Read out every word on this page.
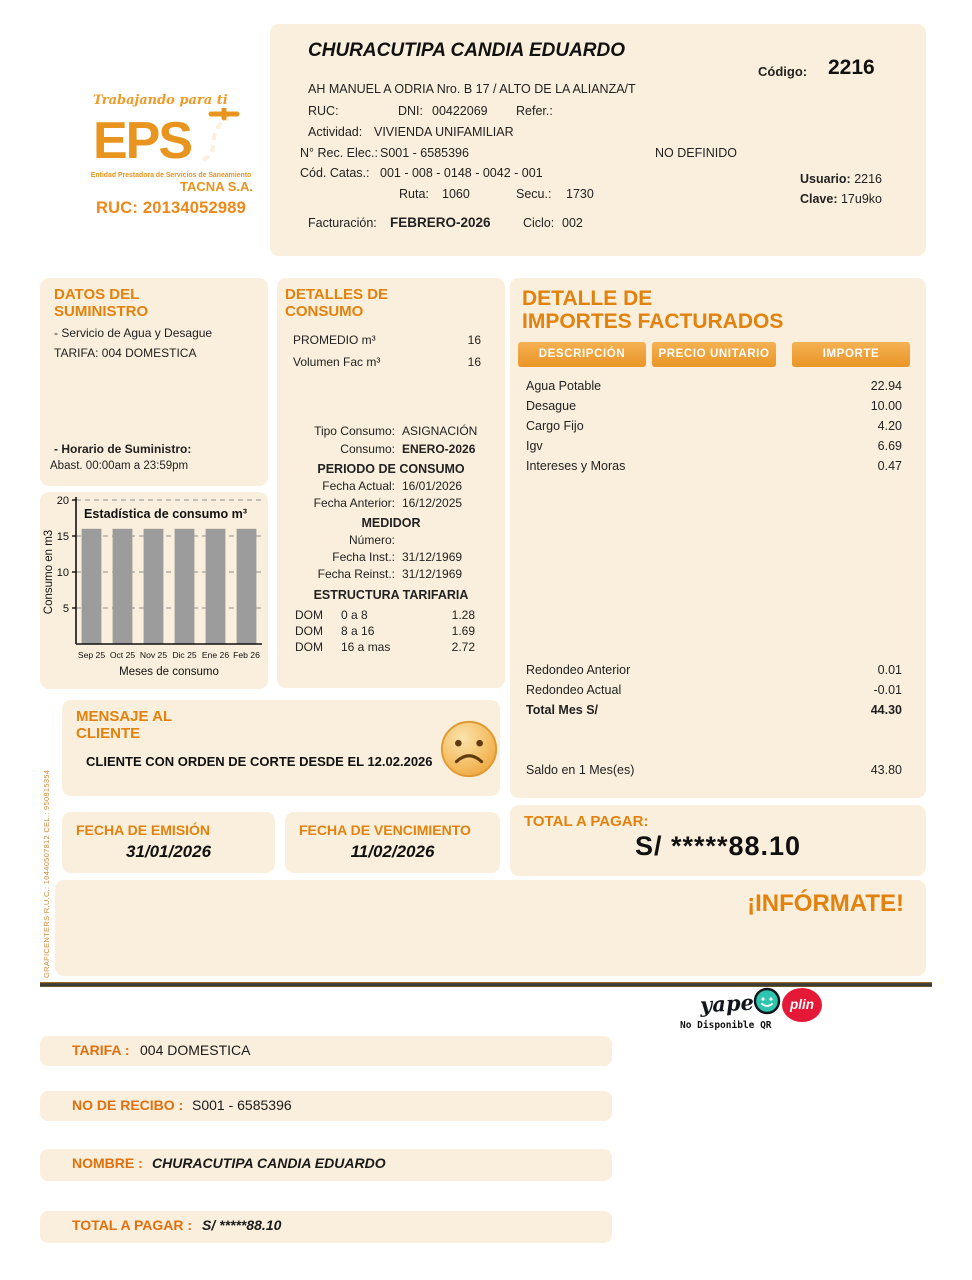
Trabajando para ti
EPS
Entidad Prestadora de Servicios de Saneamiento
TACNA S.A.
RUC: 20134052989
CHURACUTIPA CANDIA EDUARDO
Código: 2216
AH MANUEL A ODRIA Nro. B 17 / ALTO DE LA ALIANZA/T
RUC:	DNI: 00422069 Refer.:
Actividad: VIVIENDA UNIFAMILIAR
N° Rec. Elec.: S001 - 6585396	NO DEFINIDO
Cód. Catas.: 001 - 008 - 0148 - 0042 - 001
Ruta: 1060	Secu.: 1730
Usuario: 2216
Clave: 17u9ko
Facturación: FEBRERO-2026	Ciclo: 002
DATOS DEL SUMINISTRO
- Servicio de Agua y Desague
TARIFA: 004 DOMESTICA
- Horario de Suministro:
Abast. 00:00am a 23:59pm
5
10
15
20
Estadística de consumo m³
Sep 25 Oct 25 Nov 25 Dic 25 Ene 26 Feb 26
Meses de consumo
Consumo en m3
DETALLES DE CONSUMO
PROMEDIO m³	16
Volumen Fac m³	16
Tipo Consumo: ASIGNACIÓN
Consumo: ENERO-2026
PERIODO DE CONSUMO
Fecha Actual: 16/01/2026
Fecha Anterior: 16/12/2025
MEDIDOR
Número:
Fecha Inst.: 31/12/1969
Fecha Reinst.: 31/12/1969
ESTRUCTURA TARIFARIA
DOM	0 a 8	1.28
DOM	8 a 16	1.69
DOM	16 a mas	2.72
DETALLE DE
IMPORTES FACTURADOS
DESCRIPCIÓN	PRECIO UNITARIO	IMPORTE
Agua Potable	22.94
Desague	10.00
Cargo Fijo	4.20
Igv	6.69
Intereses y Moras	0.47
Redondeo Anterior	0.01
Redondeo Actual	-0.01
Total Mes S/	44.30
Saldo en 1 Mes(es)	43.80
MENSAJE AL
CLIENTE
CLIENTE CON ORDEN DE CORTE DESDE EL 12.02.2026
FECHA DE EMISIÓN
31/01/2026
FECHA DE VENCIMIENTO
11/02/2026
TOTAL A PAGAR:
S/ *****88.10
¡INFÓRMATE!
GRAFICENTERS R.U.C.: 10440507812 CEL.: 950815354
yape	plin
No Disponible QR
TARIFA : 004 DOMESTICA
NO DE RECIBO : S001 - 6585396
NOMBRE : CHURACUTIPA CANDIA EDUARDO
TOTAL A PAGAR : S/ *****88.10
